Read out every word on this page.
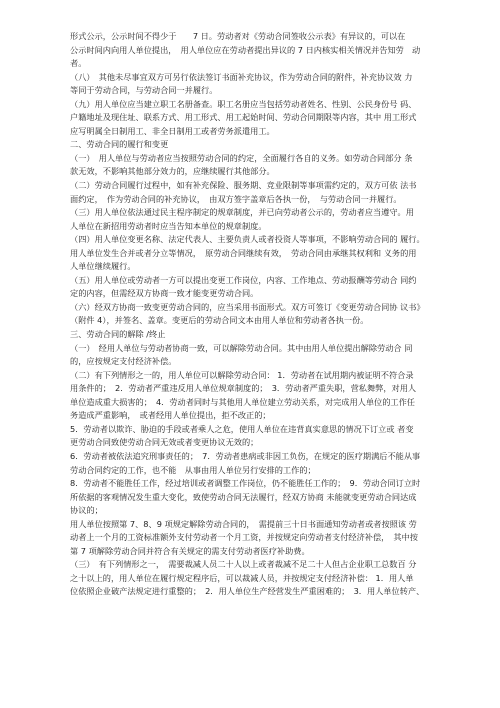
形式公示，公示时间不得少于　　7 日。劳动者对《劳动合同签收公示表》有异议的，可以在
公示时间内向用人单位提出，　用人单位应在劳动者提出异议的 7 日内核实相关情况并告知劳　动
者。
（八）　其他未尽事宜双方可另行依法签订书面补充协议，作为劳动合同的附件，补充协议效 力
等同于劳动合同，与劳动合同一并履行。
（九）用人单位应当建立职工名册备查。职工名册应当包括劳动者姓名、性别、公民身份号 码、
户籍地址及现住址、联系方式、用工形式、用工起始时间、劳动合同期限等内容，其中 用工形式
应写明属全日制用工、非全日制用工或者劳务派遣用工。
二、劳动合同的履行和变更
（一）　用人单位与劳动者应当按照劳动合同的约定，全面履行各自的义务。如劳动合同部分 条
款无效，不影响其他部分效力的，应继续履行其他部分。
（二）劳动合同履行过程中，如有补充保险、服务期、竞业限制等事项需约定的，双方可依 法书
面约定，　作为劳动合同的补充协议，　由双方签字盖章后各执一份，　与劳动合同一并履行。
（三）用人单位依法通过民主程序制定的规章制度，并已向劳动者公示的，劳动者应当遵守。用
人单位在新招用劳动者时应当告知本单位的规章制度。
（四）用人单位变更名称、法定代表人、主要负责人或者投资人等事项，不影响劳动合同的 履行。
用人单位发生合并或者分立等情况，　原劳动合同继续有效，　劳动合同由承继其权利和 义务的用
人单位继续履行。
（五）用人单位或劳动者一方可以提出变更工作岗位，内容、工作地点、劳动报酬等劳动合 同约
定的内容，但需经双方协商一致才能变更劳动合同。
（六）经双方协商一致变更劳动合同的，应当采用书面形式。双方可签订《变更劳动合同协 议书》
（附件 4），并签名、盖章。变更后的劳动合同文本由用人单位和劳动者各执一份。
三、劳动合同的解除 /终止
（一）　经用人单位与劳动者协商一致，可以解除劳动合同。其中由用人单位提出解除劳动合 同
的，应按规定支付经济补偿。
（二）有下列情形之一的，用人单位可以解除劳动合同： 1．劳动者在试用期内被证明不符合录
用条件的；　2．劳动者严重违反用人单位规章制度的；　3．劳动者严重失职，营私舞弊，对用人
单位造成重大损害的；　4．劳动者同时与其他用人单位建立劳动关系，对完成用人单位的工作任
务造成严重影响，　或者经用人单位提出，拒不改正的；
5．劳动者以欺诈、胁迫的手段或者乘人之危，使用人单位在违背真实意思的情况下订立或 者变
更劳动合同致使劳动合同无效或者变更协议无效的；
6．劳动者被依法追究刑事责任的；　7．劳动者患病或非因工负伤，在规定的医疗期满后不能从事
劳动合同约定的工作，也不能　从事由用人单位另行安排的工作的；
8．劳动者不能胜任工作，经过培训或者调整工作岗位，仍不能胜任工作的；　9．劳动合同订立时
所依据的客观情况发生重大变化，致使劳动合同无法履行，经双方协商 未能就变更劳动合同达成
协议的；
用人单位按照第 7、8、9 项规定解除劳动合同的，　需提前三十日书面通知劳动者或者按照该 劳
动者上一个月的工资标准额外支付劳动者一个月工资，并按规定向劳动者支付经济补偿，　其中按
第 7 项解除劳动合同并符合有关规定的需支付劳动者医疗补助费。
（三）　有下列情形之一，　需要裁减人员二十人以上或者裁减不足二十人但占企业职工总数百 分
之十以上的，用人单位在履行规定程序后，可以裁减人员，并按规定支付经济补偿： 1．用人单
位依照企业破产法规定进行重整的；　2．用人单位生产经营发生严重困难的；　3．用人单位转产、
